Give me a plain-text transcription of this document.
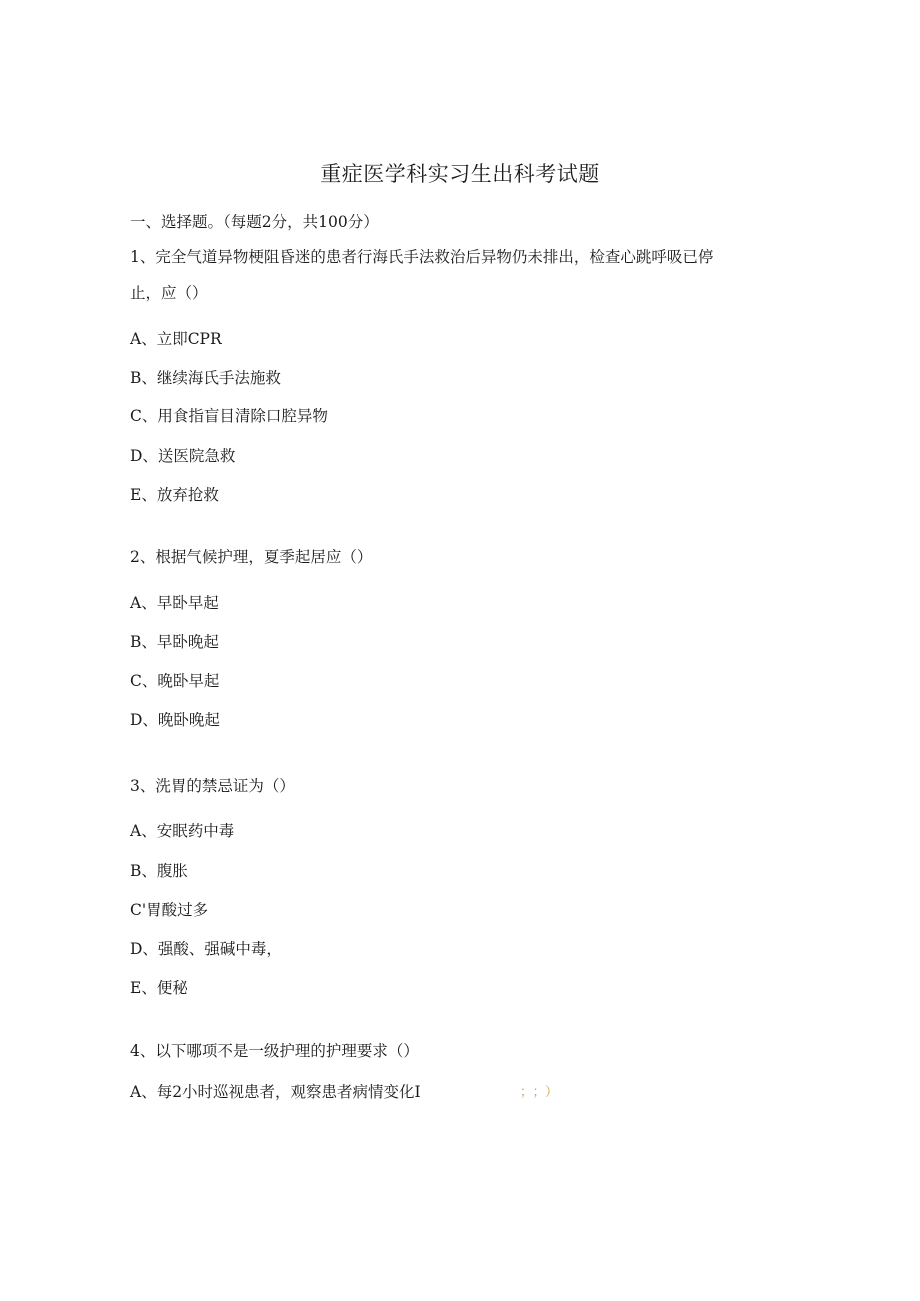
重症医学科实习生出科考试题
一、选择题。（每题2分，共100分）
1、完全气道异物梗阻昏迷的患者行海氏手法救治后异物仍未排出，检查心跳呼吸已停
止，应（）
A、立即CPR
B、继续海氏手法施救
C、用食指盲目清除口腔异物
D、送医院急救
E、放弃抢救
2、根据气候护理，夏季起居应（）
A、早卧早起
B、早卧晚起
C、晚卧早起
D、晚卧晚起
3、洗胃的禁忌证为（）
A、安眠药中毒
B、腹胀
C'胃酸过多
D、强酸、强碱中毒，
E、便秘
4、以下哪项不是一级护理的护理要求（）
A、每2小时巡视患者，观察患者病情变化I	；；）
